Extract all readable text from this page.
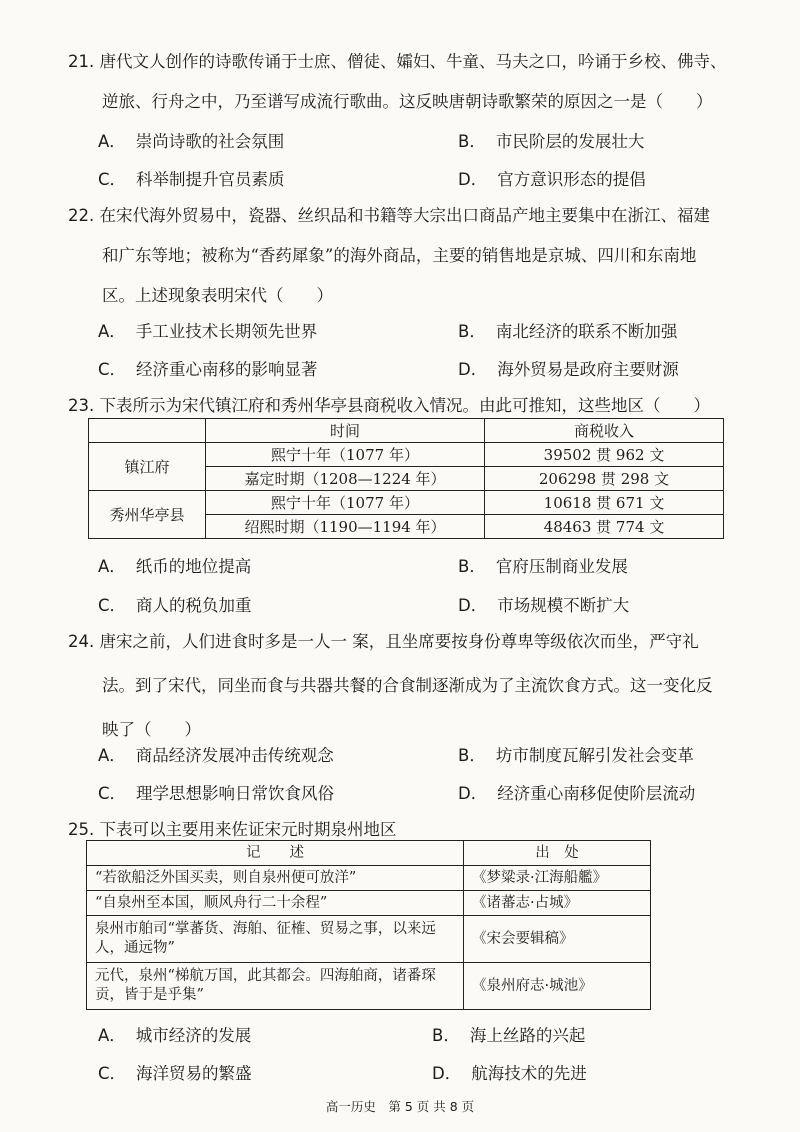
21. 唐代文人创作的诗歌传诵于士庶、僧徒、孀妇、牛童、马夫之口，吟诵于乡校、佛寺、
逆旅、行舟之中，乃至谱写成流行歌曲。这反映唐朝诗歌繁荣的原因之一是（　　）
A． 崇尚诗歌的社会氛围	B． 市民阶层的发展壮大
C． 科举制提升官员素质	D． 官方意识形态的提倡
22. 在宋代海外贸易中，瓷器、丝织品和书籍等大宗出口商品产地主要集中在浙江、福建
和广东等地；被称为“香药犀象”的海外商品，主要的销售地是京城、四川和东南地
区。上述现象表明宋代（　　）
A． 手工业技术长期领先世界	B． 南北经济的联系不断加强
C． 经济重心南移的影响显著	D． 海外贸易是政府主要财源
23. 下表所示为宋代镇江府和秀州华亭县商税收入情况。由此可推知，这些地区（　　）
	时间	商税收入
镇江府	熙宁十年（1077 年）	39502 贯 962 文
	嘉定时期（1208—1224 年）	206298 贯 298 文
秀州华亭县	熙宁十年（1077 年）	10618 贯 671 文
	绍熙时期（1190—1194 年）	48463 贯 774 文
A． 纸币的地位提高	B． 官府压制商业发展
C． 商人的税负加重	D． 市场规模不断扩大
24. 唐宋之前，人们进食时多是一人一 案，且坐席要按身份尊卑等级依次而坐，严守礼
法。到了宋代，同坐而食与共器共餐的合食制逐渐成为了主流饮食方式。这一变化反
映了（　　）
A． 商品经济发展冲击传统观念	B． 坊市制度瓦解引发社会变革
C． 理学思想影响日常饮食风俗	D． 经济重心南移促使阶层流动
25. 下表可以主要用来佐证宋元时期泉州地区
记　　述	出　处
“若欲船泛外国买卖，则自泉州便可放洋”	《梦粱录·江海船艦》
“自泉州至本国，顺风舟行二十余程”	《诸蕃志·占城》
泉州市舶司“掌蕃货、海舶、征榷、贸易之事，以来远人，通远物”	《宋会要辑稿》
元代，泉州“梯航万国，此其都会。四海舶商，诸番琛贡，皆于是乎集”	《泉州府志·城池》
A． 城市经济的发展	B． 海上丝路的兴起
C． 海洋贸易的繁盛	D． 航海技术的先进
高一历史　第 5 页 共 8 页
